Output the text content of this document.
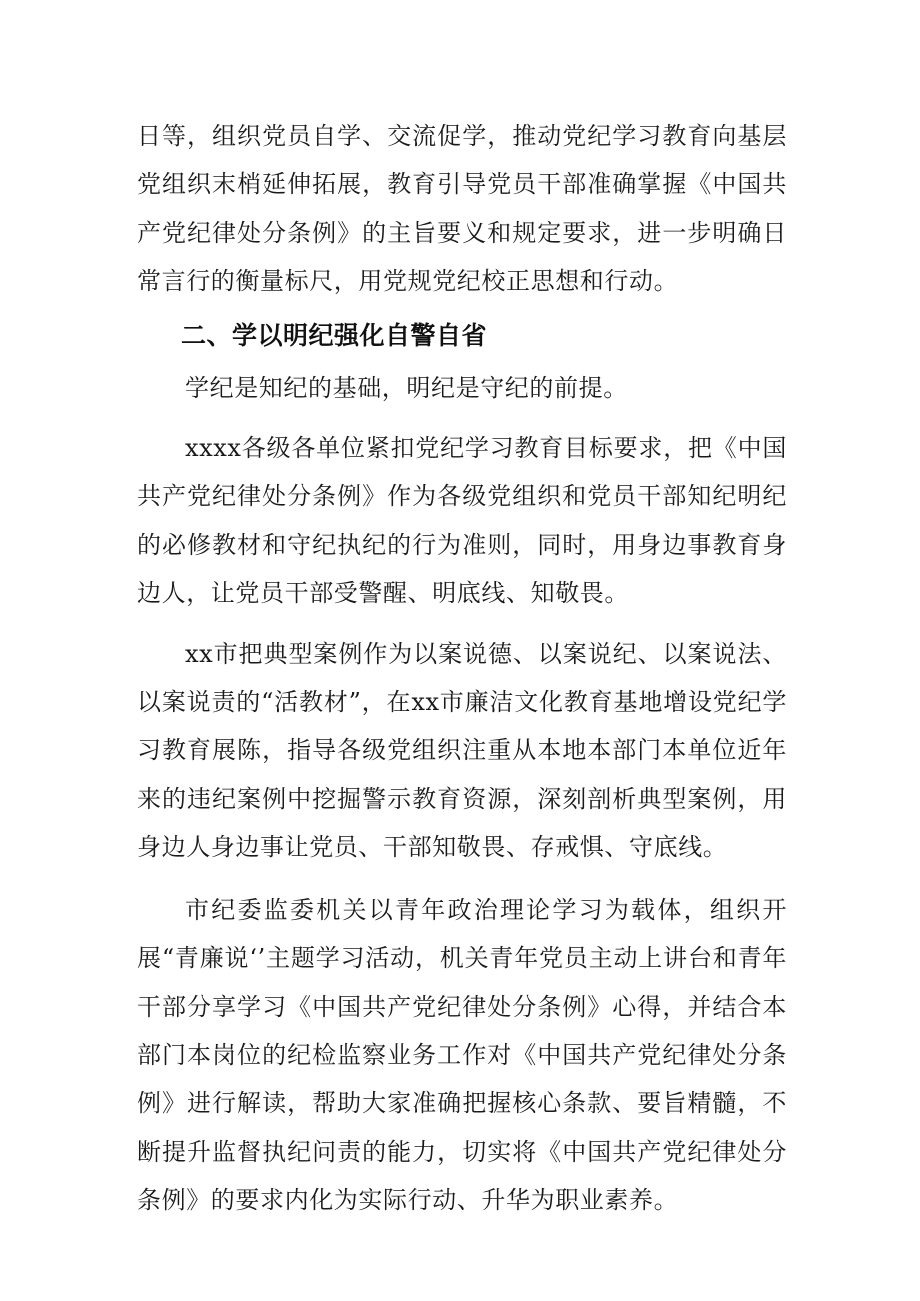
日等，组织党员自学、交流促学，推动党纪学习教育向基层党组织末梢延伸拓展，教育引导党员干部准确掌握《中国共产党纪律处分条例》的主旨要义和规定要求，进一步明确日常言行的衡量标尺，用党规党纪校正思想和行动。

二、学以明纪强化自警自省

学纪是知纪的基础，明纪是守纪的前提。

xxxx各级各单位紧扣党纪学习教育目标要求，把《中国共产党纪律处分条例》作为各级党组织和党员干部知纪明纪的必修教材和守纪执纪的行为准则，同时，用身边事教育身边人，让党员干部受警醒、明底线、知敬畏。

xx市把典型案例作为以案说德、以案说纪、以案说法、以案说责的“活教材”，在xx市廉洁文化教育基地增设党纪学习教育展陈，指导各级党组织注重从本地本部门本单位近年来的违纪案例中挖掘警示教育资源，深刻剖析典型案例，用身边人身边事让党员、干部知敬畏、存戒惧、守底线。

市纪委监委机关以青年政治理论学习为载体，组织开展“青廉说‘’主题学习活动，机关青年党员主动上讲台和青年干部分享学习《中国共产党纪律处分条例》心得，并结合本部门本岗位的纪检监察业务工作对《中国共产党纪律处分条例》进行解读，帮助大家准确把握核心条款、要旨精髓，不断提升监督执纪问责的能力，切实将《中国共产党纪律处分条例》的要求内化为实际行动、升华为职业素养。
